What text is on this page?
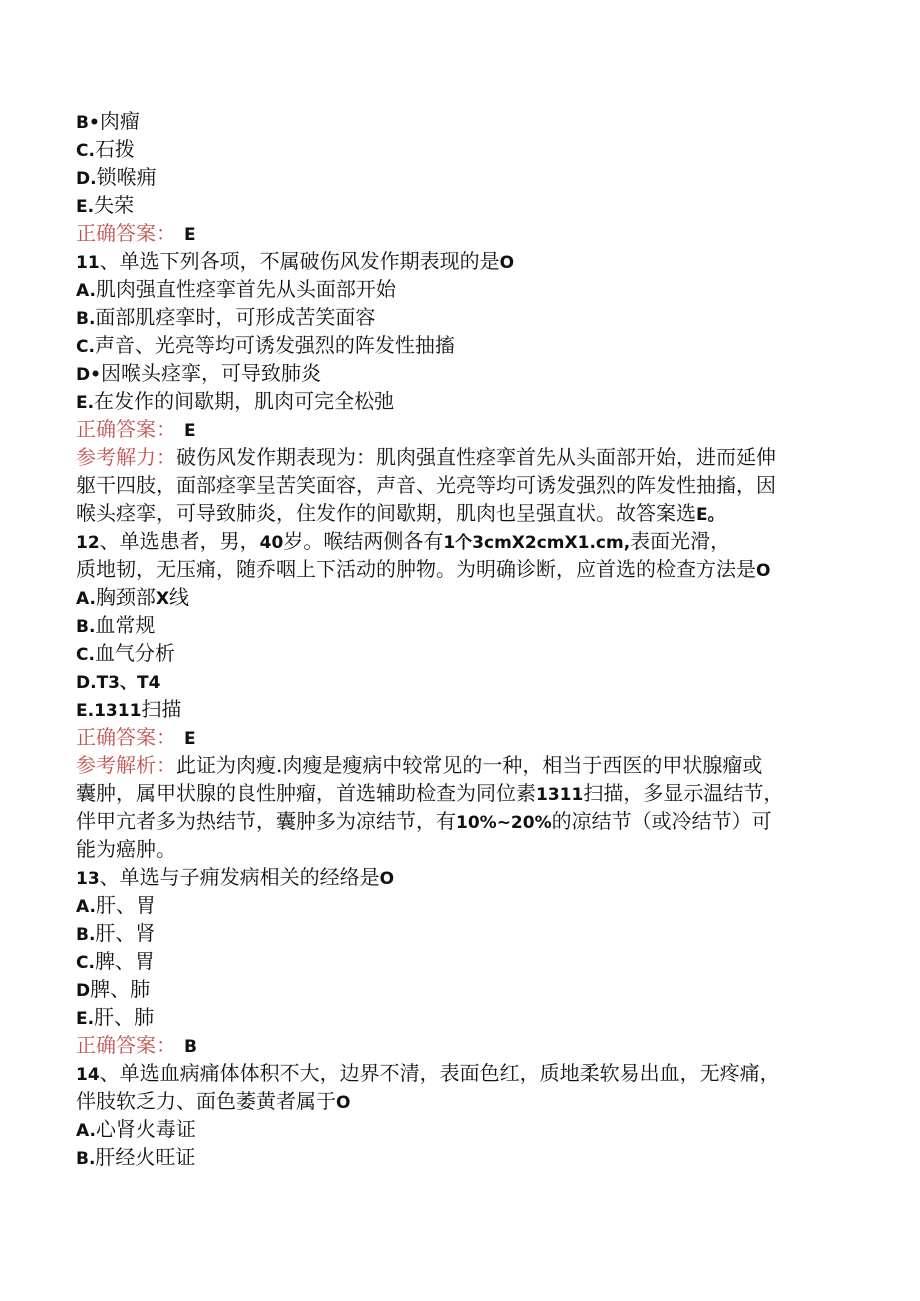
B•肉瘤
C.石拨
D.锁喉痈
E.失荣
正确答案： E
11、单选下列各项，不属破伤风发作期表现的是O
A.肌肉强直性痉挛首先从头面部开始
B.面部肌痉挛时，可形成苦笑面容
C.声音、光亮等均可诱发强烈的阵发性抽搐
D•因喉头痉挛，可导致肺炎
E.在发作的间歇期，肌肉可完全松弛
正确答案： E
参考解力：破伤风发作期表现为：肌肉强直性痉挛首先从头面部开始，进而延伸
躯干四肢，面部痉挛呈苦笑面容，声音、光亮等均可诱发强烈的阵发性抽搐，因
喉头痉挛，可导致肺炎，住发作的间歇期，肌肉也呈强直状。故答案选E。
12、单选患者，男，40岁。喉结两侧各有1个3cmX2cmX1.cm,表面光滑，
质地韧，无压痛，随乔咽上下活动的肿物。为明确诊断，应首选的检查方法是O
A.胸颈部X线
B.血常规
C.血气分析
D.T3、T4
E.1311扫描
正确答案： E
参考解析：此证为肉瘦.肉瘦是瘦病中较常见的一种，相当于西医的甲状腺瘤或
囊肿，属甲状腺的良性肿瘤，首选辅助检查为同位素1311扫描，多显示温结节，
伴甲亢者多为热结节，囊肿多为凉结节，有10%~20%的凉结节（或冷结节）可
能为癌肿。
13、单选与子痈发病相关的经络是O
A.肝、胃
B.肝、肾
C.脾、胃
D脾、肺
E.肝、肺
正确答案： B
14、单选血病痛体体积不大，边界不清，表面色红，质地柔软易出血，无疼痛，
伴肢软乏力、面色萎黄者属于O
A.心肾火毒证
B.肝经火旺证
